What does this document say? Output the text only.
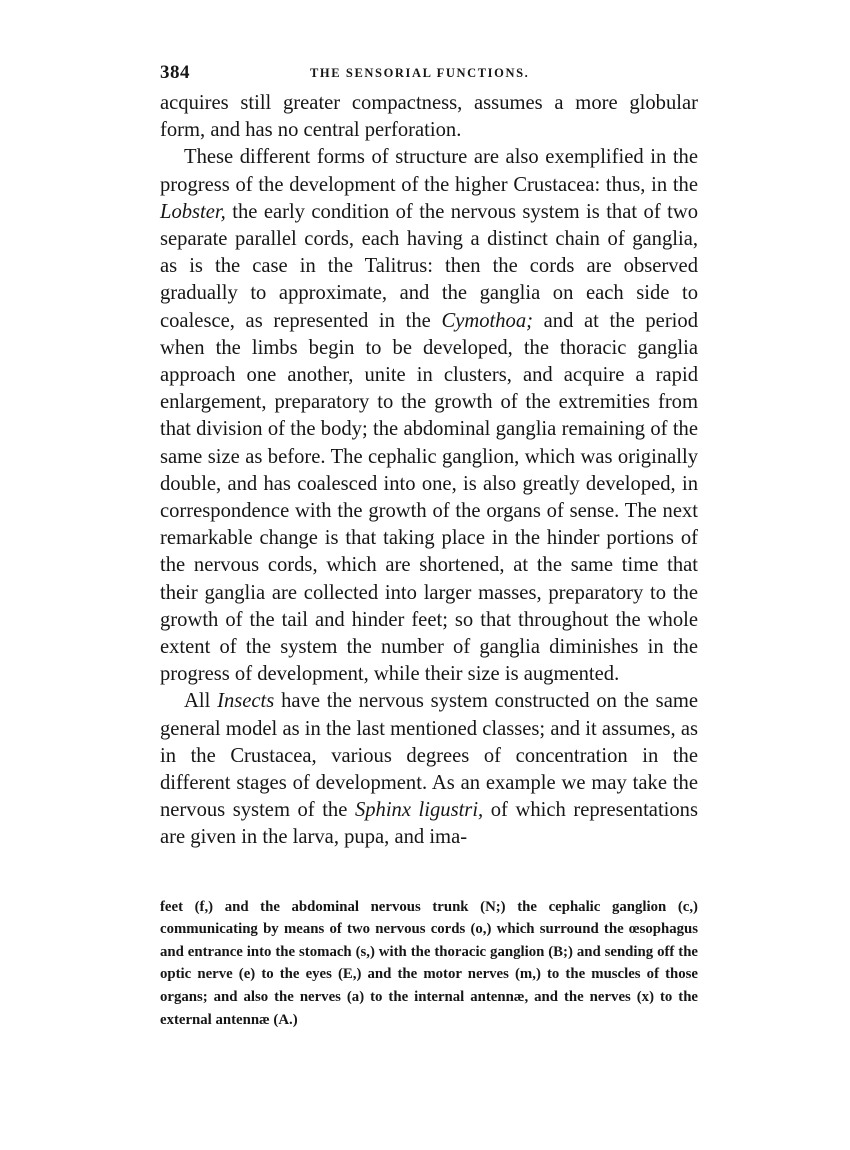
384	THE SENSORIAL FUNCTIONS.

acquires still greater compactness, assumes a more globular form, and has no central perforation.

These different forms of structure are also exemplified in the progress of the development of the higher Crustacea: thus, in the Lobster, the early condition of the nervous system is that of two separate parallel cords, each having a distinct chain of ganglia, as is the case in the Talitrus: then the cords are observed gradually to approximate, and the ganglia on each side to coalesce, as represented in the Cymothoa; and at the period when the limbs begin to be developed, the thoracic ganglia approach one another, unite in clusters, and acquire a rapid enlargement, preparatory to the growth of the extremities from that division of the body; the abdominal ganglia remaining of the same size as before. The cephalic ganglion, which was originally double, and has coalesced into one, is also greatly developed, in correspondence with the growth of the organs of sense. The next remarkable change is that taking place in the hinder portions of the nervous cords, which are shortened, at the same time that their ganglia are collected into larger masses, preparatory to the growth of the tail and hinder feet; so that throughout the whole extent of the system the number of ganglia diminishes in the progress of development, while their size is augmented.

All Insects have the nervous system constructed on the same general model as in the last mentioned classes; and it assumes, as in the Crustacea, various degrees of concentration in the different stages of development. As an example we may take the nervous system of the Sphinx ligustri, of which representations are given in the larva, pupa, and ima-

feet (f,) and the abdominal nervous trunk (N;) the cephalic ganglion (c,) communicating by means of two nervous cords (o,) which surround the œsophagus and entrance into the stomach (s,) with the thoracic ganglion (B;) and sending off the optic nerve (e) to the eyes (E,) and the motor nerves (m,) to the muscles of those organs; and also the nerves (a) to the internal antennæ, and the nerves (x) to the external antennæ (A.)
